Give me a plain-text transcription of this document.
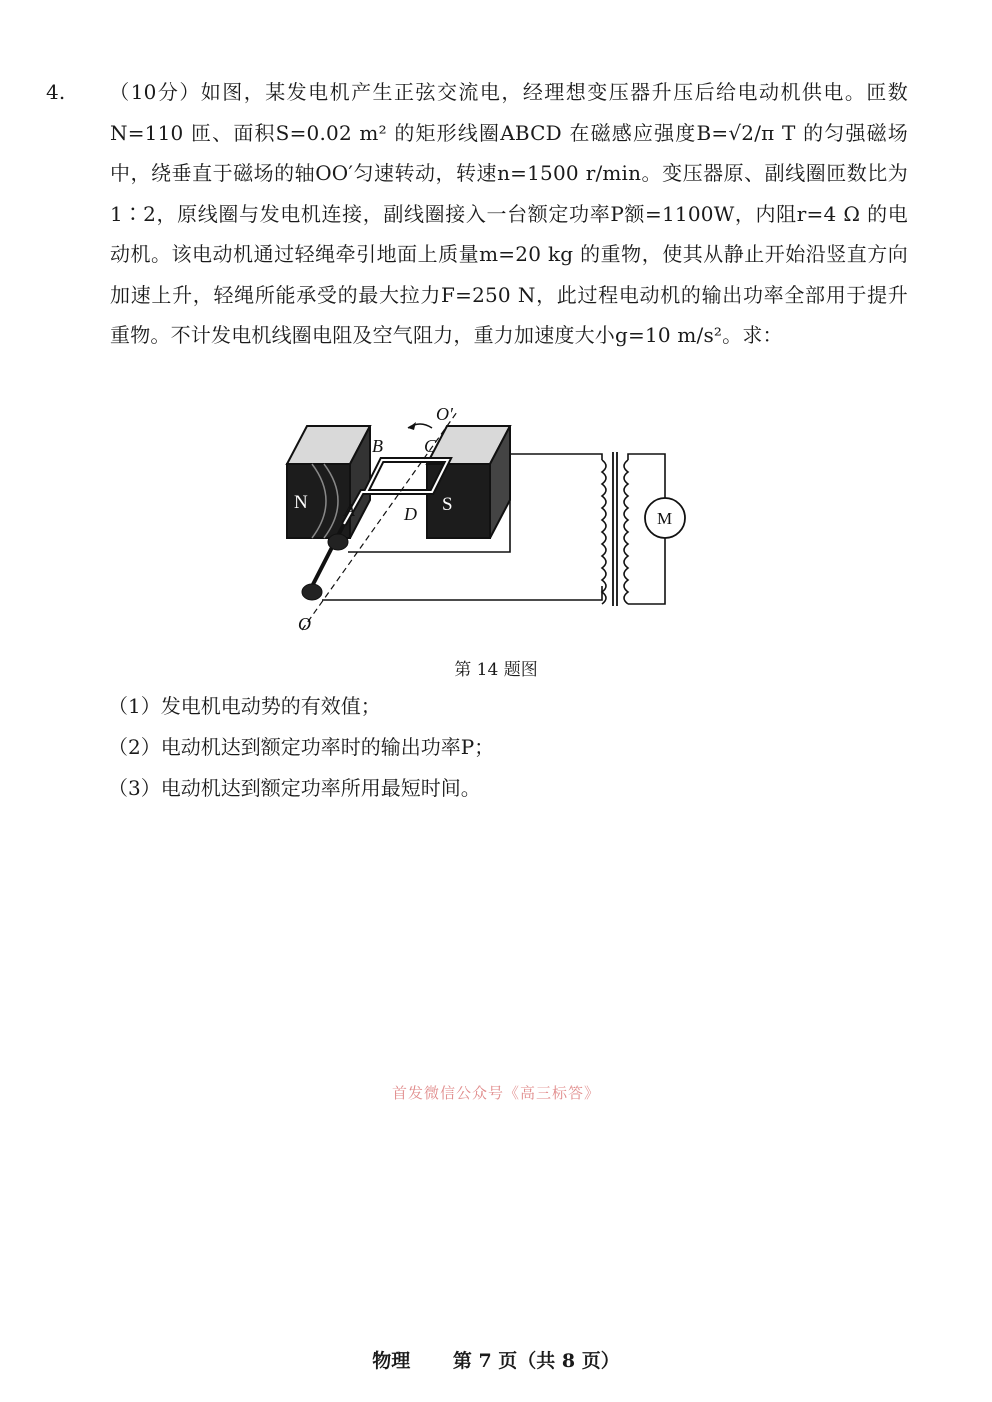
4. （10分）如图，某发电机产生正弦交流电，经理想变压器升压后给电动机供电。匝数N=110 匝、面积S=0.02 m² 的矩形线圈ABCD 在磁感应强度B=√2/π T 的匀强磁场中，绕垂直于磁场的轴OO′匀速转动，转速n=1500 r/min。变压器原、副线圈匝数比为1∶2，原线圈与发电机连接，副线圈接入一台额定功率P额=1100W，内阻r=4 Ω 的电动机。该电动机通过轻绳牵引地面上质量m=20 kg 的重物，使其从静止开始沿竖直方向加速上升，轻绳所能承受的最大拉力F=250 N，此过程电动机的输出功率全部用于提升重物。不计发电机线圈电阻及空气阻力，重力加速度大小g=10 m/s²。求：

N	S
A
B C
D
O
O′
M
第 14 题图

（1）发电机电动势的有效值；

（2）电动机达到额定功率时的输出功率P；

（3）电动机达到额定功率所用最短时间。

首发微信公众号《高三标答》
物理 第 7 页（共 8 页）
